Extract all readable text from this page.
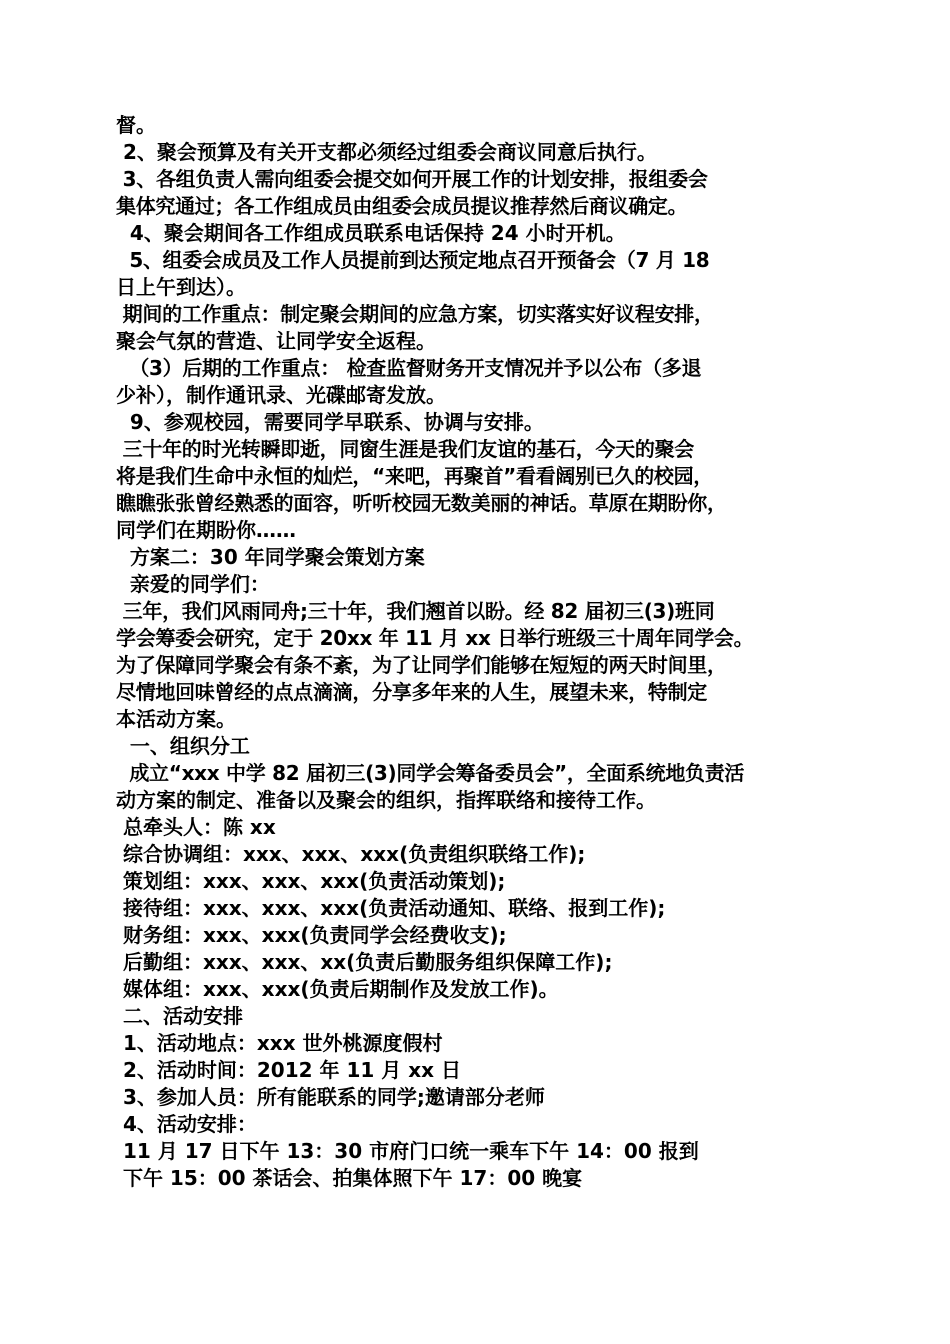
督。

2、聚会预算及有关开支都必须经过组委会商议同意后执行。

3、各组负责人需向组委会提交如何开展工作的计划安排，报组委会

集体究通过；各工作组成员由组委会成员提议推荐然后商议确定。

4、聚会期间各工作组成员联系电话保持 24 小时开机。

5、组委会成员及工作人员提前到达预定地点召开预备会（7 月 18

日上午到达）。

期间的工作重点：制定聚会期间的应急方案，切实落实好议程安排，

聚会气氛的营造、让同学安全返程。

（3）后期的工作重点： 检查监督财务开支情况并予以公布（多退

少补），制作通讯录、光碟邮寄发放。

9、参观校园，需要同学早联系、协调与安排。

三十年的时光转瞬即逝，同窗生涯是我们友谊的基石，今天的聚会

将是我们生命中永恒的灿烂，“来吧，再聚首”看看阔别已久的校园，

瞧瞧张张曾经熟悉的面容，听听校园无数美丽的神话。草原在期盼你，

同学们在期盼你……

方案二：30 年同学聚会策划方案

亲爱的同学们：

三年，我们风雨同舟;三十年，我们翘首以盼。经 82 届初三(3)班同

学会筹委会研究，定于 20xx 年 11 月 xx 日举行班级三十周年同学会。

为了保障同学聚会有条不紊，为了让同学们能够在短短的两天时间里，

尽情地回味曾经的点点滴滴，分享多年来的人生，展望未来，特制定

本活动方案。

一、组织分工

成立“xxx 中学 82 届初三(3)同学会筹备委员会”，全面系统地负责活

动方案的制定、准备以及聚会的组织，指挥联络和接待工作。

总牵头人：陈 xx

综合协调组：xxx、xxx、xxx(负责组织联络工作);

策划组：xxx、xxx、xxx(负责活动策划);

接待组：xxx、xxx、xxx(负责活动通知、联络、报到工作);

财务组：xxx、xxx(负责同学会经费收支);

后勤组：xxx、xxx、xx(负责后勤服务组织保障工作);

媒体组：xxx、xxx(负责后期制作及发放工作)。

二、活动安排

1、活动地点：xxx 世外桃源度假村

2、活动时间：2012 年 11 月 xx 日

3、参加人员：所有能联系的同学;邀请部分老师

4、活动安排：

11 月 17 日下午 13：30 市府门口统一乘车下午 14：00 报到

下午 15：00 茶话会、拍集体照下午 17：00 晚宴
